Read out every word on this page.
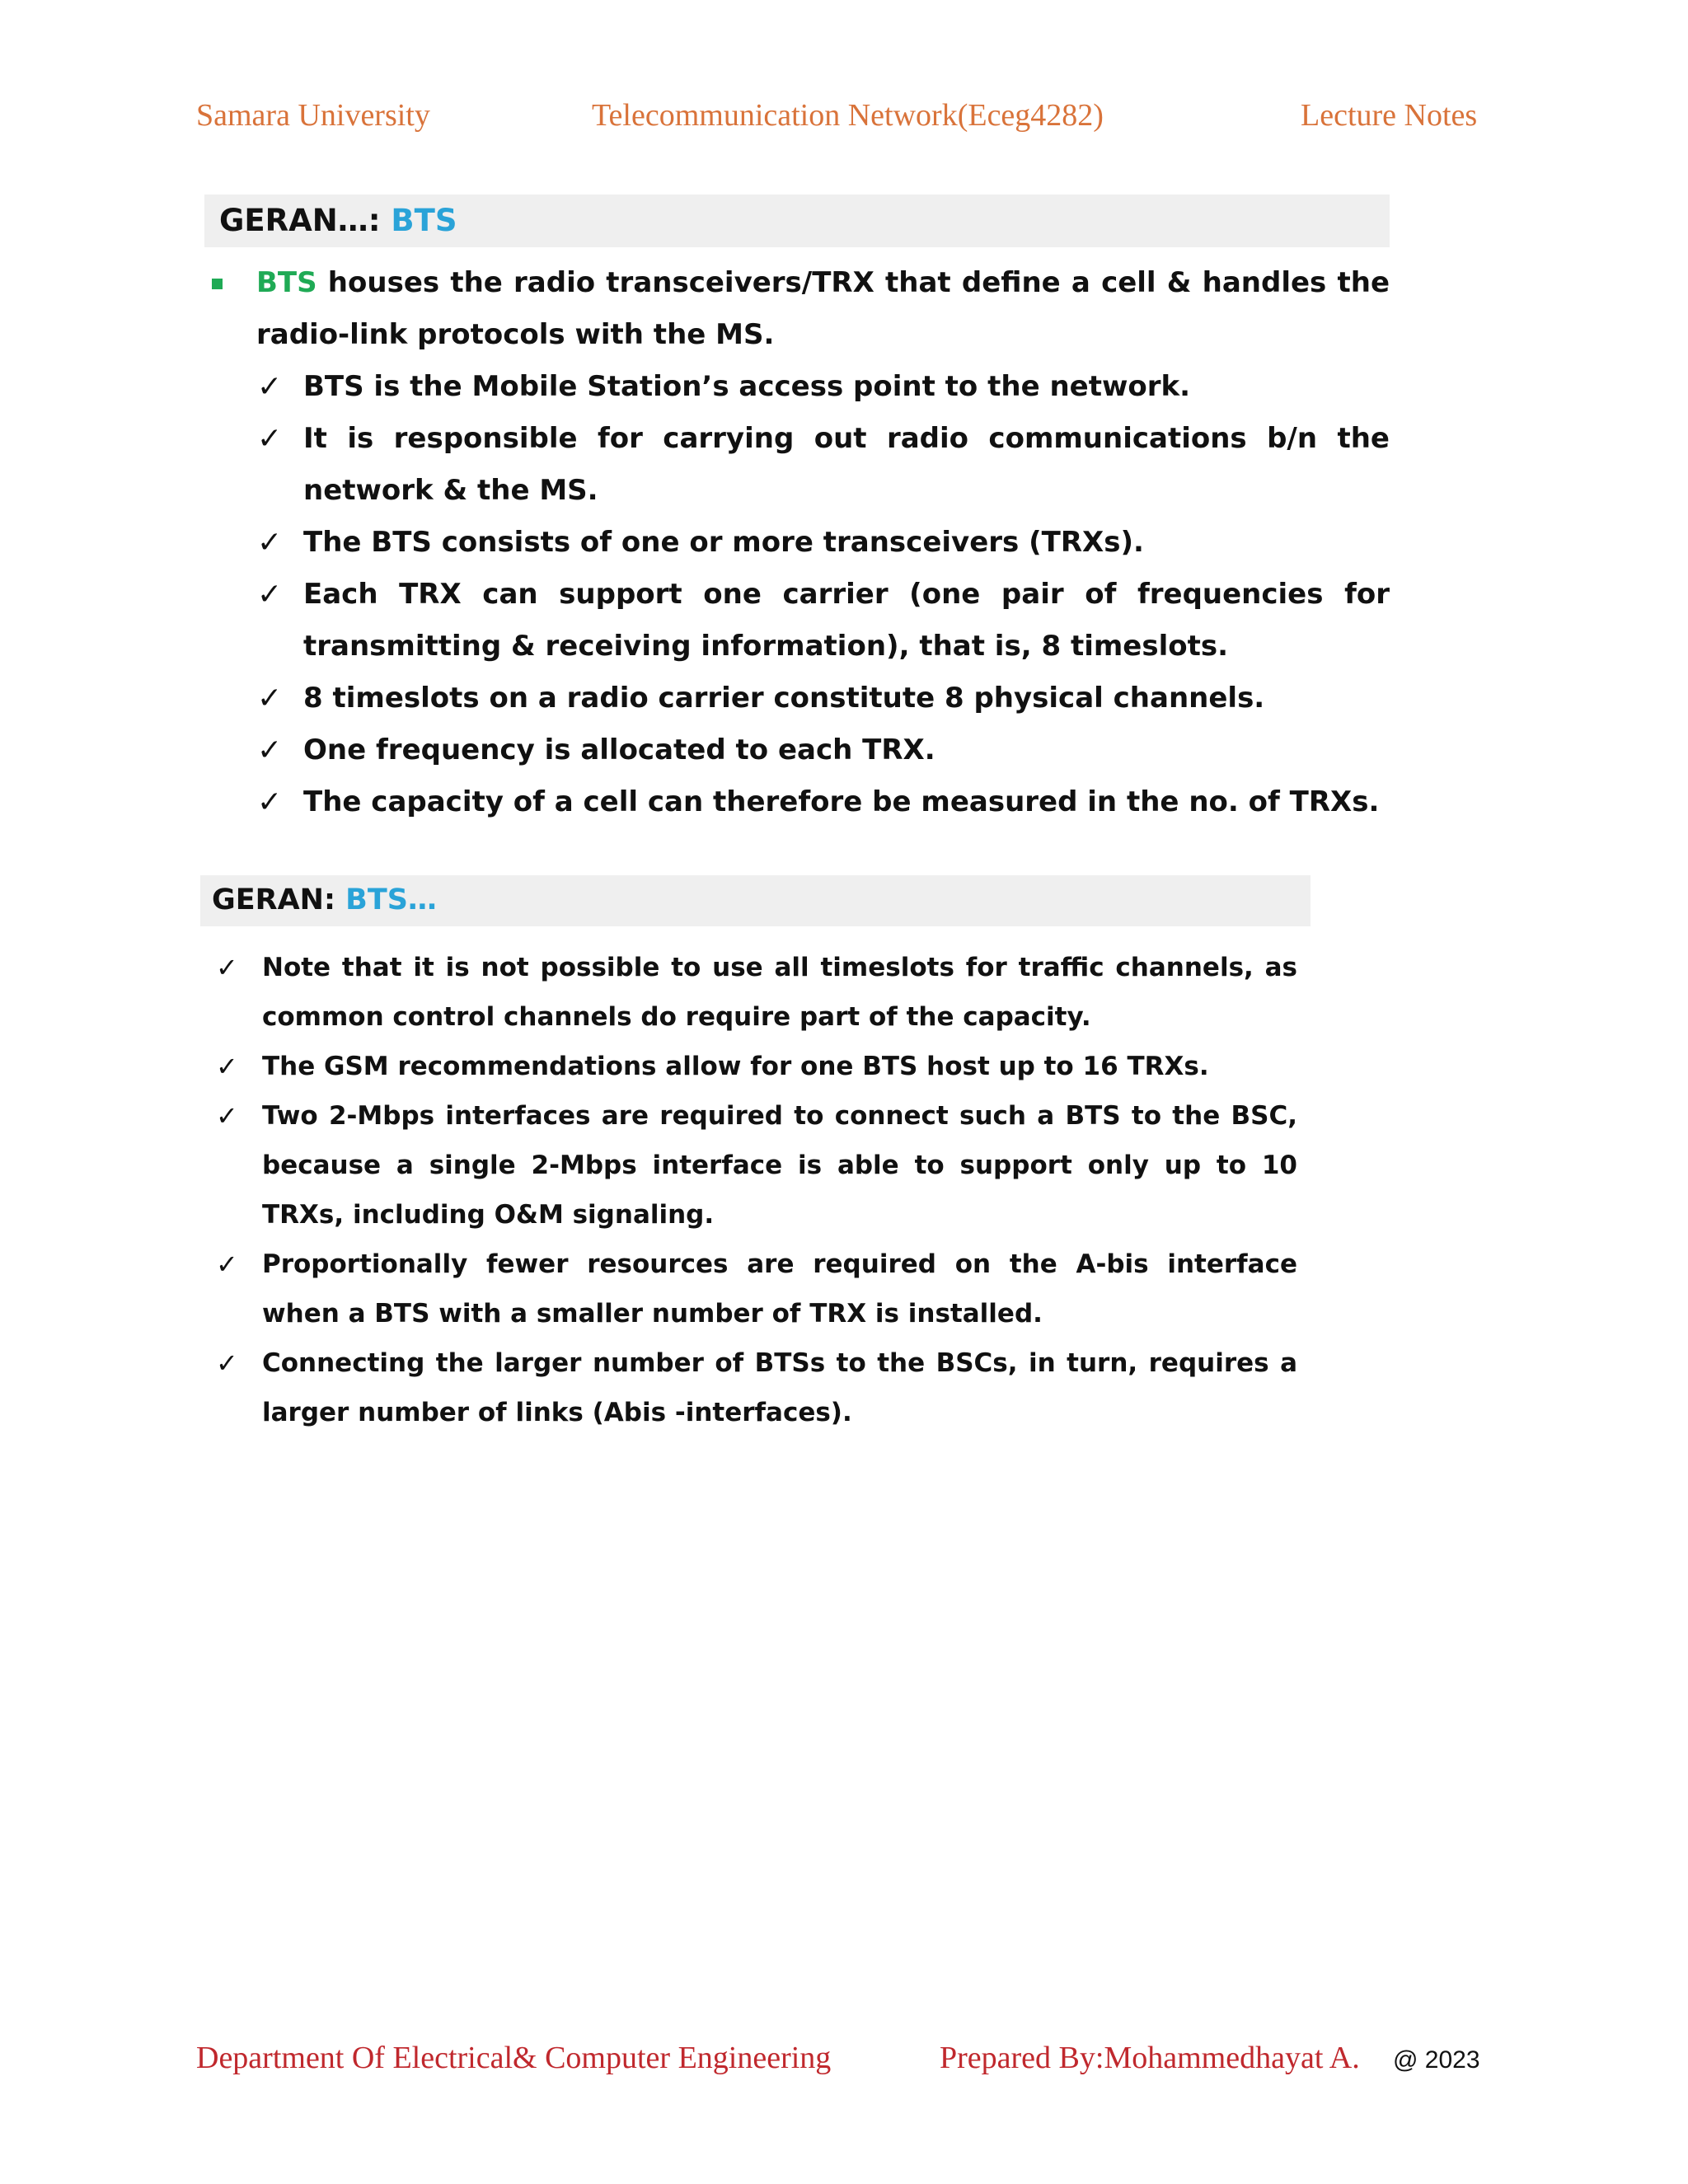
Samara University	Telecommunication Network(Eceg4282)	Lecture Notes
GERAN…: BTS
BTS houses the radio transceivers/TRX that define a cell & handles the radio-link protocols with the MS.
✓ BTS is the Mobile Station’s access point to the network.
✓ It is responsible for carrying out radio communications b/n the network & the MS.
✓ The BTS consists of one or more transceivers (TRXs).
✓ Each TRX can support one carrier (one pair of frequencies for transmitting & receiving information), that is, 8 timeslots.
✓ 8 timeslots on a radio carrier constitute 8 physical channels.
✓ One frequency is allocated to each TRX.
✓ The capacity of a cell can therefore be measured in the no. of TRXs.
GERAN: BTS…
✓ Note that it is not possible to use all timeslots for traffic channels, as common control channels do require part of the capacity.
✓ The GSM recommendations allow for one BTS host up to 16 TRXs.
✓ Two 2-Mbps interfaces are required to connect such a BTS to the BSC, because a single 2-Mbps interface is able to support only up to 10 TRXs, including O&M signaling.
✓ Proportionally fewer resources are required on the A-bis interface when a BTS with a smaller number of TRX is installed.
✓ Connecting the larger number of BTSs to the BSCs, in turn, requires a larger number of links (Abis -interfaces).
Department Of Electrical& Computer Engineering	Prepared By:Mohammedhayat A. @ 2023
